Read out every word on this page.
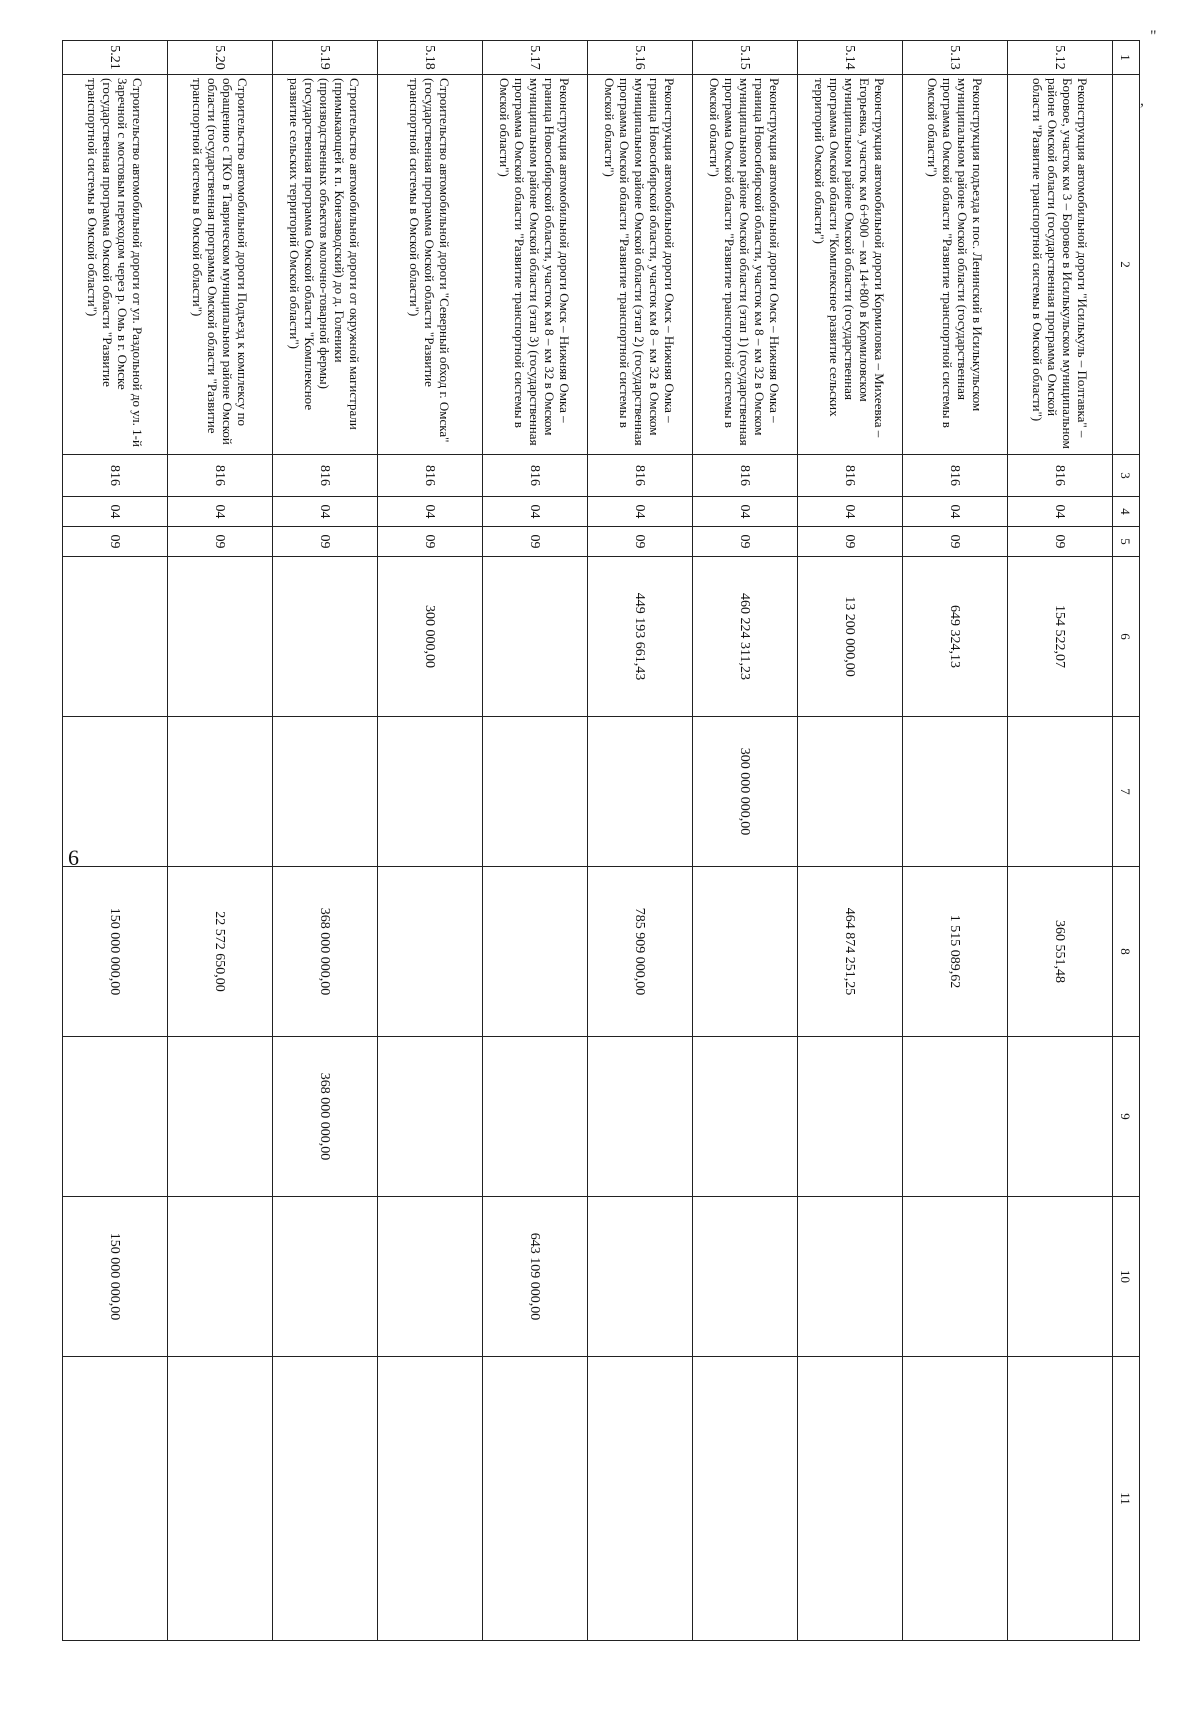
6
"
,
1	2	3	4	5	6	7	8	9	10	11
5.12	Реконструкция автомобильной дороги "Исилькуль – Полтавка" – Боровое, участок км 3 – Боровое в Исилькульском муниципальном районе Омской области (государственная программа Омской области "Развитие транспортной системы в Омской области")	816	04	09	154 522,07		360 551,48			
5.13	Реконструкция подъезда к пос. Ленинский в Исилькульском муниципальном районе Омской области (государственная программа Омской области "Развитие транспортной системы в Омской области")	816	04	09	649 324,13		1 515 089,62			
5.14	Реконструкция автомобильной дороги Кормиловка – Михеевка – Егорьевка, участок км 6+900 – км 14+800 в Кормиловском муниципальном районе Омской области (государственная программа Омской области "Комплексное развитие сельских территорий Омской области")	816	04	09	13 200 000,00		464 874 251,25			
5.15	Реконструкция автомобильной дороги Омск – Нижняя Омка – граница Новосибирской области, участок км 8 – км 32 в Омском муниципальном районе Омской области (этап 1) (государственная программа Омской области "Развитие транспортной системы в Омской области")	816	04	09	460 224 311,23	300 000 000,00				
5.16	Реконструкция автомобильной дороги Омск – Нижняя Омка – граница Новосибирской области, участок км 8 – км 32 в Омском муниципальном районе Омской области (этап 2) (государственная программа Омской области "Развитие транспортной системы в Омской области")	816	04	09	449 193 661,43		785 909 000,00			
5.17	Реконструкция автомобильной дороги Омск – Нижняя Омка – граница Новосибирской области, участок км 8 – км 32 в Омском муниципальном районе Омской области (этап 3) (государственная программа Омской области "Развитие транспортной системы в Омской области")	816	04	09					643 109 000,00	
5.18	Строительство автомобильной дороги "Северный обход г. Омска" (государственная программа Омской области "Развитие транспортной системы в Омской области")	816	04	09	300 000,00					
5.19	Строительство автомобильной дороги от окружной магистрали (примыкающей к п. Конезаводский) до д. Голеники (производственных объектов молочно-товарной фермы) (государственная программа Омской области "Комплексное развитие сельских территорий Омской области")	816	04	09			368 000 000,00	368 000 000,00		
5.20	Строительство автомобильной дороги Подъезд к комплексу по обращению с ТКО в Таврическом муниципальном районе Омской области (государственная программа Омской области "Развитие транспортной системы в Омской области")	816	04	09			22 572 650,00			
5.21	Строительство автомобильной дороги от ул. Раздольной до ул. 1-й Заречной с мостовым переходом через р. Омь в г. Омске (государственная программа Омской области "Развитие транспортной системы в Омской области")	816	04	09			150 000 000,00		150 000 000,00	
